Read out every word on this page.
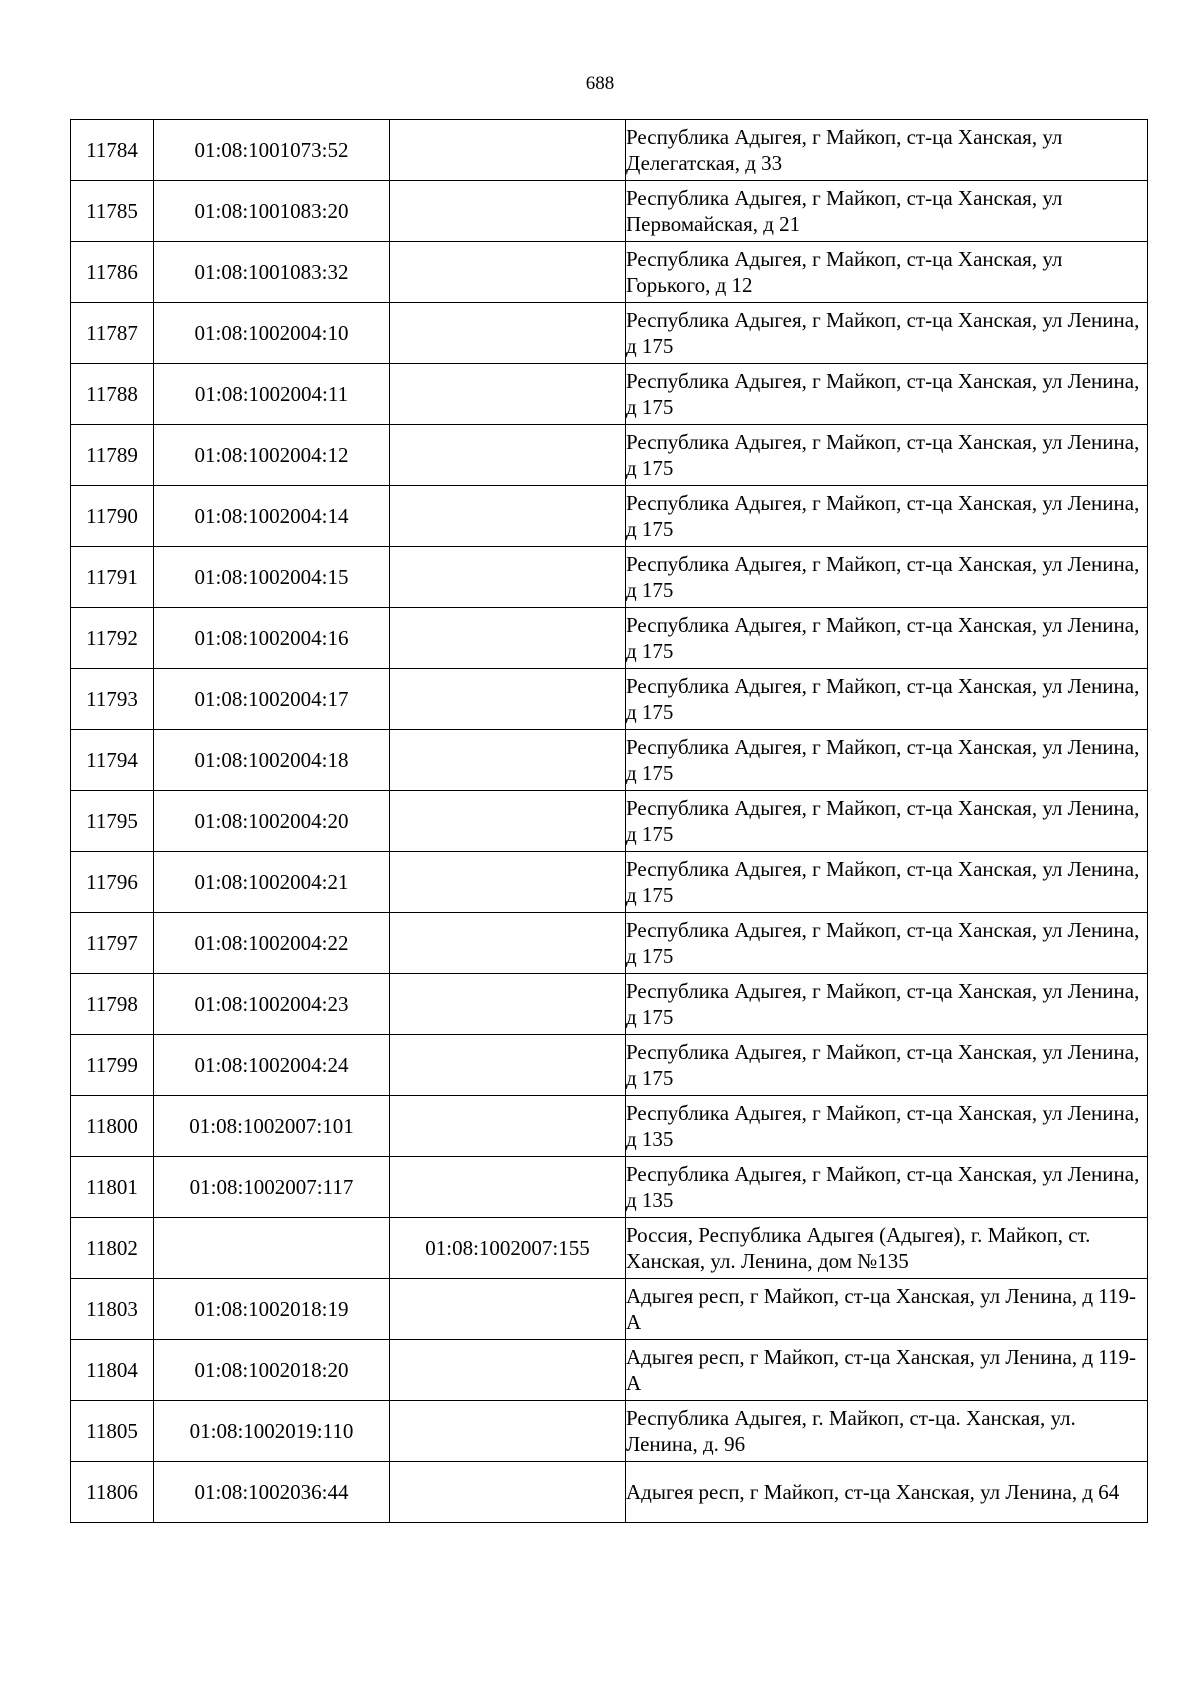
688
11784	01:08:1001073:52		Республика Адыгея, г Майкоп, ст-ца Ханская, ул Делегатская, д 33
11785	01:08:1001083:20		Республика Адыгея, г Майкоп, ст-ца Ханская, ул Первомайская, д 21
11786	01:08:1001083:32		Республика Адыгея, г Майкоп, ст-ца Ханская, ул Горького, д 12
11787	01:08:1002004:10		Республика Адыгея, г Майкоп, ст-ца Ханская, ул Ленина, д 175
11788	01:08:1002004:11		Республика Адыгея, г Майкоп, ст-ца Ханская, ул Ленина, д 175
11789	01:08:1002004:12		Республика Адыгея, г Майкоп, ст-ца Ханская, ул Ленина, д 175
11790	01:08:1002004:14		Республика Адыгея, г Майкоп, ст-ца Ханская, ул Ленина, д 175
11791	01:08:1002004:15		Республика Адыгея, г Майкоп, ст-ца Ханская, ул Ленина, д 175
11792	01:08:1002004:16		Республика Адыгея, г Майкоп, ст-ца Ханская, ул Ленина, д 175
11793	01:08:1002004:17		Республика Адыгея, г Майкоп, ст-ца Ханская, ул Ленина, д 175
11794	01:08:1002004:18		Республика Адыгея, г Майкоп, ст-ца Ханская, ул Ленина, д 175
11795	01:08:1002004:20		Республика Адыгея, г Майкоп, ст-ца Ханская, ул Ленина, д 175
11796	01:08:1002004:21		Республика Адыгея, г Майкоп, ст-ца Ханская, ул Ленина, д 175
11797	01:08:1002004:22		Республика Адыгея, г Майкоп, ст-ца Ханская, ул Ленина, д 175
11798	01:08:1002004:23		Республика Адыгея, г Майкоп, ст-ца Ханская, ул Ленина, д 175
11799	01:08:1002004:24		Республика Адыгея, г Майкоп, ст-ца Ханская, ул Ленина, д 175
11800	01:08:1002007:101		Республика Адыгея, г Майкоп, ст-ца Ханская, ул Ленина, д 135
11801	01:08:1002007:117		Республика Адыгея, г Майкоп, ст-ца Ханская, ул Ленина, д 135
11802		01:08:1002007:155	Россия, Республика Адыгея (Адыгея), г. Майкоп, ст. Ханская, ул. Ленина, дом №135
11803	01:08:1002018:19		Адыгея респ, г Майкоп, ст-ца Ханская, ул Ленина, д 119-А
11804	01:08:1002018:20		Адыгея респ, г Майкоп, ст-ца Ханская, ул Ленина, д 119-А
11805	01:08:1002019:110		Республика Адыгея, г. Майкоп, ст-ца. Ханская, ул. Ленина, д. 96
11806	01:08:1002036:44		Адыгея респ, г Майкоп, ст-ца Ханская, ул Ленина, д 64
